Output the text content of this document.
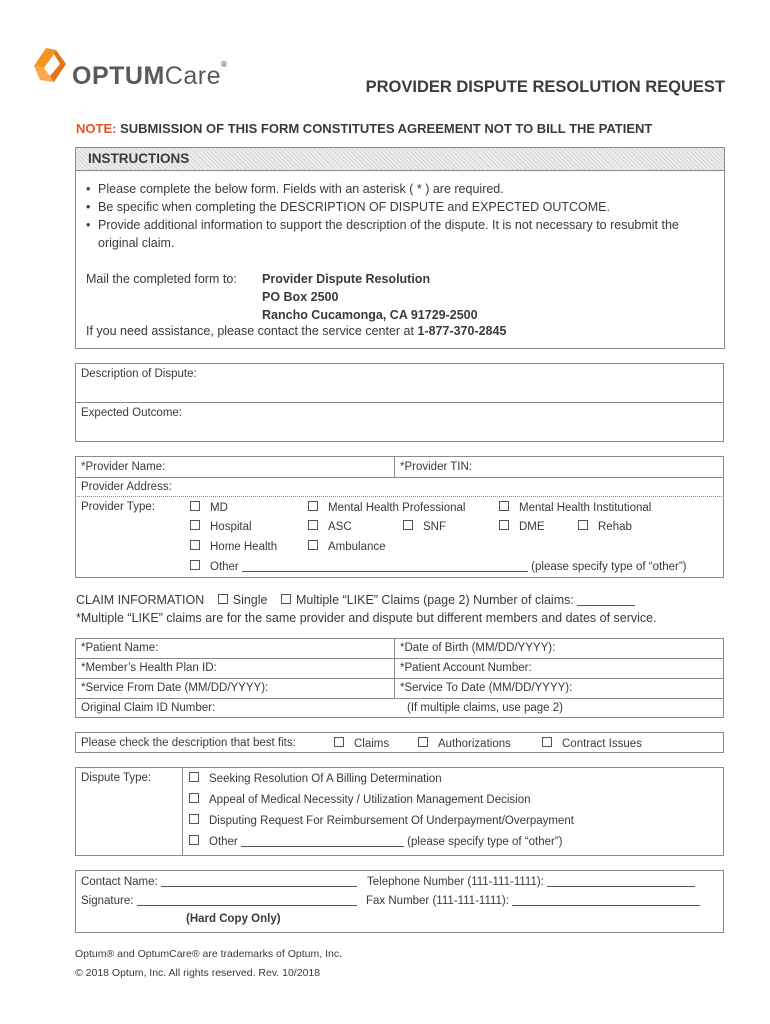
OPTUMCare®
PROVIDER DISPUTE RESOLUTION REQUEST
NOTE: SUBMISSION OF THIS FORM CONSTITUTES AGREEMENT NOT TO BILL THE PATIENT
INSTRUCTIONS
• Please complete the below form. Fields with an asterisk ( * ) are required.
• Be specific when completing the DESCRIPTION OF DISPUTE and EXPECTED OUTCOME.
• Provide additional information to support the description of the dispute. It is not necessary to resubmit the original claim.
Mail the completed form to: Provider Dispute Resolution
PO Box 2500
Rancho Cucamonga, CA 91729-2500
If you need assistance, please contact the service center at 1-877-370-2845
Description of Dispute:
Expected Outcome:
*Provider Name:	*Provider TIN:
Provider Address:
Provider Type:	MD	Mental Health Professional	Mental Health Institutional
Hospital	ASC	SNF	DME	Rehab
Home Health	Ambulance
Other	(please specify type of “other”)
CLAIM INFORMATION Single Multiple “LIKE” Claims (page 2) Number of claims:
*Multiple “LIKE” claims are for the same provider and dispute but different members and dates of service.
*Patient Name:	*Date of Birth (MM/DD/YYYY):
*Member’s Health Plan ID:	*Patient Account Number:
*Service From Date (MM/DD/YYYY):	*Service To Date (MM/DD/YYYY):
Original Claim ID Number:	(If multiple claims, use page 2)
Please check the description that best fits:	Claims	Authorizations	Contract Issues
Dispute Type:	Seeking Resolution Of A Billing Determination
Appeal of Medical Necessity / Utilization Management Decision
Disputing Request For Reimbursement Of Underpayment/Overpayment
Other	(please specify type of “other”)
Contact Name:	Telephone Number (111-111-1111):
Signature:	Fax Number (111-111-1111):
(Hard Copy Only)
Optum® and OptumCare® are trademarks of Optum, Inc.
© 2018 Optum, Inc. All rights reserved. Rev. 10/2018
